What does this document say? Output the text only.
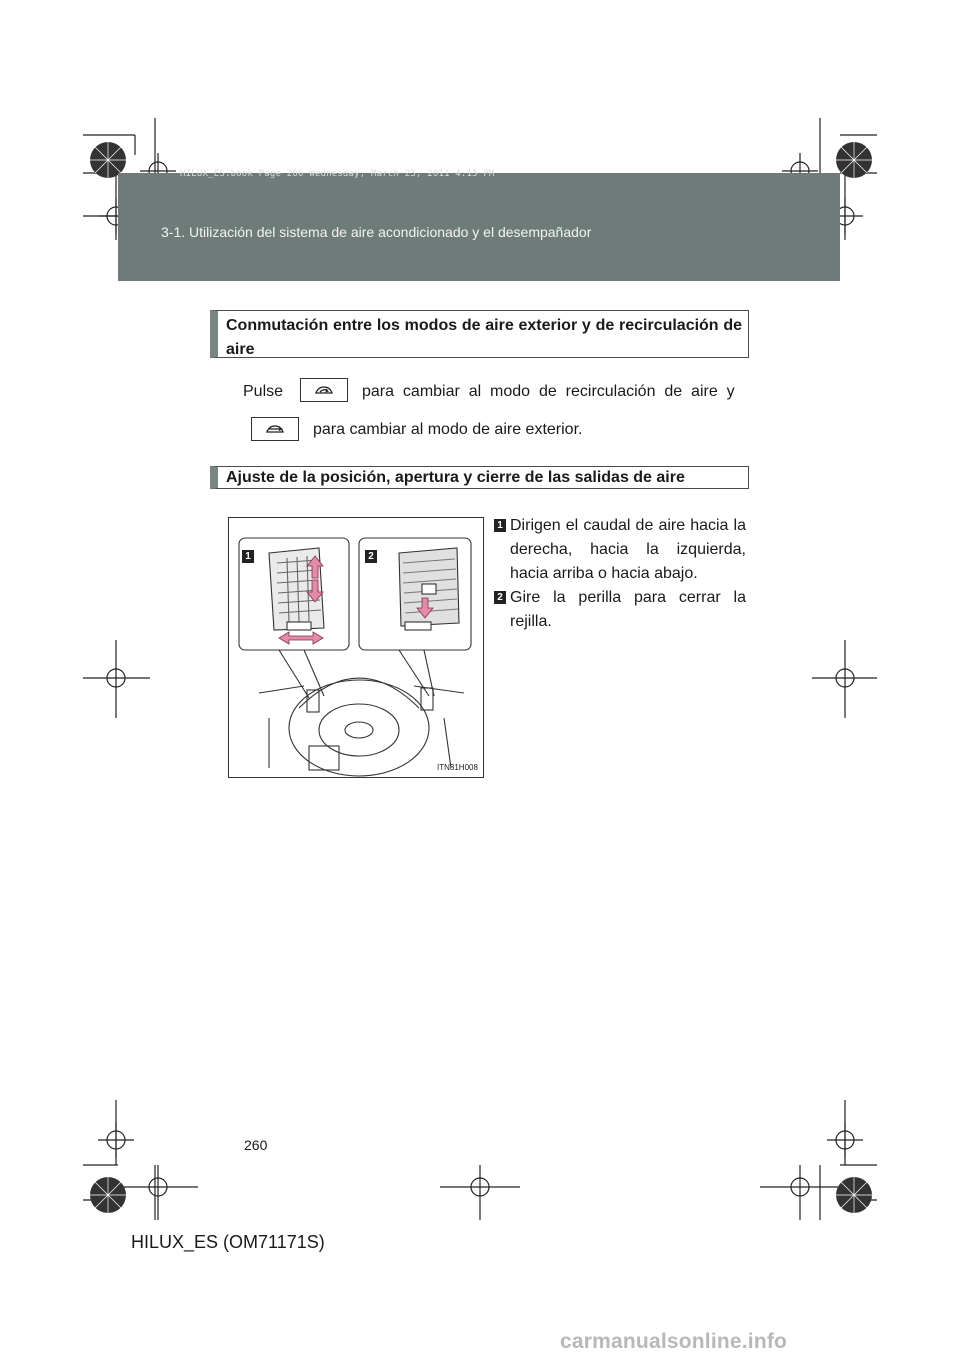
HILUX_ES.book Page 260 Wednesday, March 23, 2011 4:15 PM
3-1. Utilización del sistema de aire acondicionado y el desempañador
Conmutación entre los modos de aire exterior y de recirculación de aire
Pulse	para  cambiar  al  modo  de  recirculación  de  aire  y
para cambiar al modo de aire exterior.
Ajuste de la posición, apertura y cierre de las salidas de aire
1	2
ITN31H008
1 Dirigen el caudal de aire hacia la derecha, hacia la izquierda, hacia arriba o hacia abajo.
2 Gire la perilla para cerrar la rejilla.
260
HILUX_ES (OM71171S)
carmanualsonline.info
